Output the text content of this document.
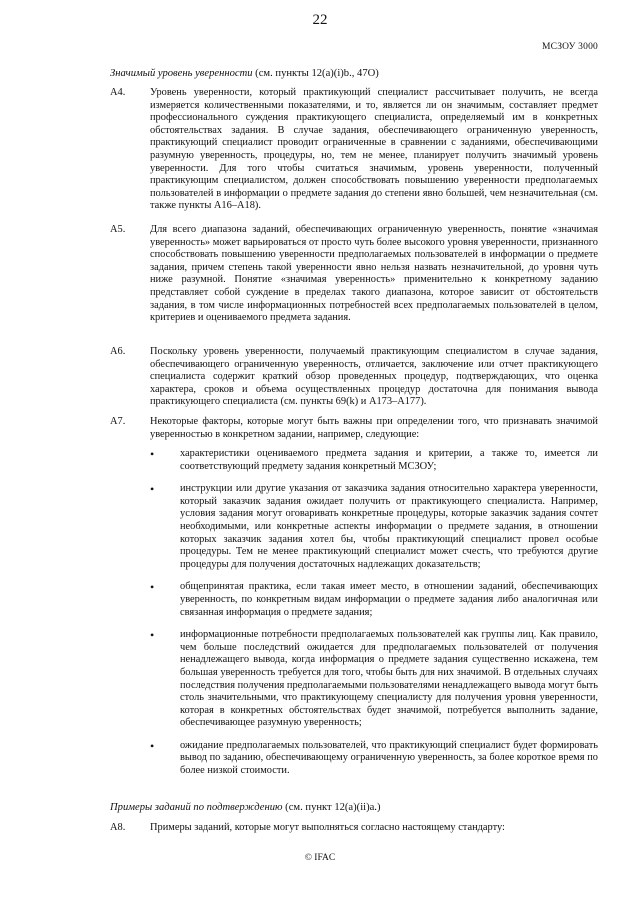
22
МСЗОУ 3000
Значимый уровень уверенности (см. пункты 12(a)(i)b., 47O)
A4.	Уровень уверенности, который практикующий специалист рассчитывает получить, не всегда измеряется количественными показателями, и то, является ли он значимым, составляет предмет профессионального суждения практикующего специалиста, определяемый им в конкретных обстоятельствах задания. В случае задания, обеспечивающего ограниченную уверенность, практикующий специалист проводит ограниченные в сравнении с заданиями, обеспечивающими разумную уверенность, процедуры, но, тем не менее, планирует получить значимый уровень уверенности. Для того чтобы считаться значимым, уровень уверенности, полученный практикующим специалистом, должен способствовать повышению уверенности предполагаемых пользователей в информации о предмете задания до степени явно большей, чем незначительная (см. также пункты A16–A18).
A5.	Для всего диапазона заданий, обеспечивающих ограниченную уверенность, понятие «значимая уверенность» может варьироваться от просто чуть более высокого уровня уверенности, признанного способствовать повышению уверенности предполагаемых пользователей в информации о предмете задания, причем степень такой уверенности явно нельзя назвать незначительной, до уровня чуть ниже разумной. Понятие «значимая уверенность» применительно к конкретному заданию представляет собой суждение в пределах такого диапазона, которое зависит от обстоятельств задания, в том числе информационных потребностей всех предполагаемых пользователей в целом, критериев и оцениваемого предмета задания.
A6.	Поскольку уровень уверенности, получаемый практикующим специалистом в случае задания, обеспечивающего ограниченную уверенность, отличается, заключение или отчет практикующего специалиста содержит краткий обзор проведенных процедур, подтверждающих, что оценка характера, сроков и объема осуществленных процедур достаточна для понимания вывода практикующего специалиста (см. пункты 69(k) и A173–A177).
A7.	Некоторые факторы, которые могут быть важны при определении того, что признавать значимой уверенностью в конкретном задании, например, следующие:
•	характеристики оцениваемого предмета задания и критерии, а также то, имеется ли соответствующий предмету задания конкретный МСЗОУ;
•	инструкции или другие указания от заказчика задания относительно характера уверенности, который заказчик задания ожидает получить от практикующего специалиста. Например, условия задания могут оговаривать конкретные процедуры, которые заказчик задания сочтет необходимыми, или конкретные аспекты информации о предмете задания, в отношении которых заказчик задания хотел бы, чтобы практикующий специалист провел особые процедуры. Тем не менее практикующий специалист может счесть, что требуются другие процедуры для получения достаточных надлежащих доказательств;
•	общепринятая практика, если такая имеет место, в отношении заданий, обеспечивающих уверенность, по конкретным видам информации о предмете задания либо аналогичная или связанная информация о предмете задания;
•	информационные потребности предполагаемых пользователей как группы лиц. Как правило, чем больше последствий ожидается для предполагаемых пользователей от получения ненадлежащего вывода, когда информация о предмете задания существенно искажена, тем большая уверенность требуется для того, чтобы быть для них значимой. В отдельных случаях последствия получения предполагаемыми пользователями ненадлежащего вывода могут быть столь значительными, что практикующему специалисту для получения уровня уверенности, которая в конкретных обстоятельствах будет значимой, потребуется выполнить задание, обеспечивающее разумную уверенность;
•	ожидание предполагаемых пользователей, что практикующий специалист будет формировать вывод по заданию, обеспечивающему ограниченную уверенность, за более короткое время по более низкой стоимости.
Примеры заданий по подтверждению (см. пункт 12(a)(ii)a.)
A8.	Примеры заданий, которые могут выполняться согласно настоящему стандарту:
© IFAC
